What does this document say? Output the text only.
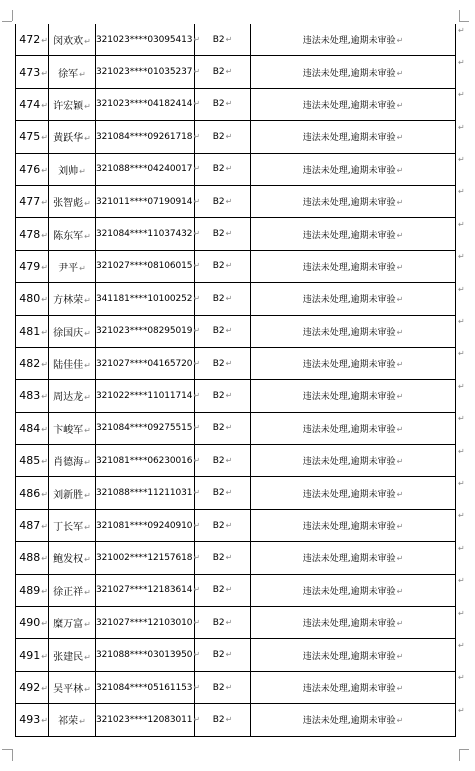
472↵	闵欢欢↵	321023****03095413↵	B2↵	违法未处理,逾期未审验↵
473↵	徐军↵	321023****01035237↵	B2↵	违法未处理,逾期未审验↵
474↵	许宏颖↵	321023****04182414↵	B2↵	违法未处理,逾期未审验↵
475↵	黄跃华↵	321084****09261718↵	B2↵	违法未处理,逾期未审验↵
476↵	刘帅↵	321088****04240017↵	B2↵	违法未处理,逾期未审验↵
477↵	张智彪↵	321011****07190914↵	B2↵	违法未处理,逾期未审验↵
478↵	陈东军↵	321084****11037432↵	B2↵	违法未处理,逾期未审验↵
479↵	尹平↵	321027****08106015↵	B2↵	违法未处理,逾期未审验↵
480↵	方林荣↵	341181****10100252↵	B2↵	违法未处理,逾期未审验↵
481↵	徐国庆↵	321023****08295019↵	B2↵	违法未处理,逾期未审验↵
482↵	陆佳佳↵	321027****04165720↵	B2↵	违法未处理,逾期未审验↵
483↵	周达龙↵	321022****11011714↵	B2↵	违法未处理,逾期未审验↵
484↵	卞峻军↵	321084****09275515↵	B2↵	违法未处理,逾期未审验↵
485↵	肖德海↵	321081****06230016↵	B2↵	违法未处理,逾期未审验↵
486↵	刘新胜↵	321088****11211031↵	B2↵	违法未处理,逾期未审验↵
487↵	丁长军↵	321081****09240910↵	B2↵	违法未处理,逾期未审验↵
488↵	鲍发权↵	321002****12157618↵	B2↵	违法未处理,逾期未审验↵
489↵	徐正祥↵	321027****12183614↵	B2↵	违法未处理,逾期未审验↵
490↵	糜万富↵	321027****12103010↵	B2↵	违法未处理,逾期未审验↵
491↵	张建民↵	321088****03013950↵	B2↵	违法未处理,逾期未审验↵
492↵	吴平林↵	321084****05161153↵	B2↵	违法未处理,逾期未审验↵
493↵	祁荣↵	321023****12083011↵	B2↵	违法未处理,逾期未审验↵
↵
↵
↵
↵
↵
↵
↵
↵
↵
↵
↵
↵
↵
↵
↵
↵
↵
↵
↵
↵
↵
↵
